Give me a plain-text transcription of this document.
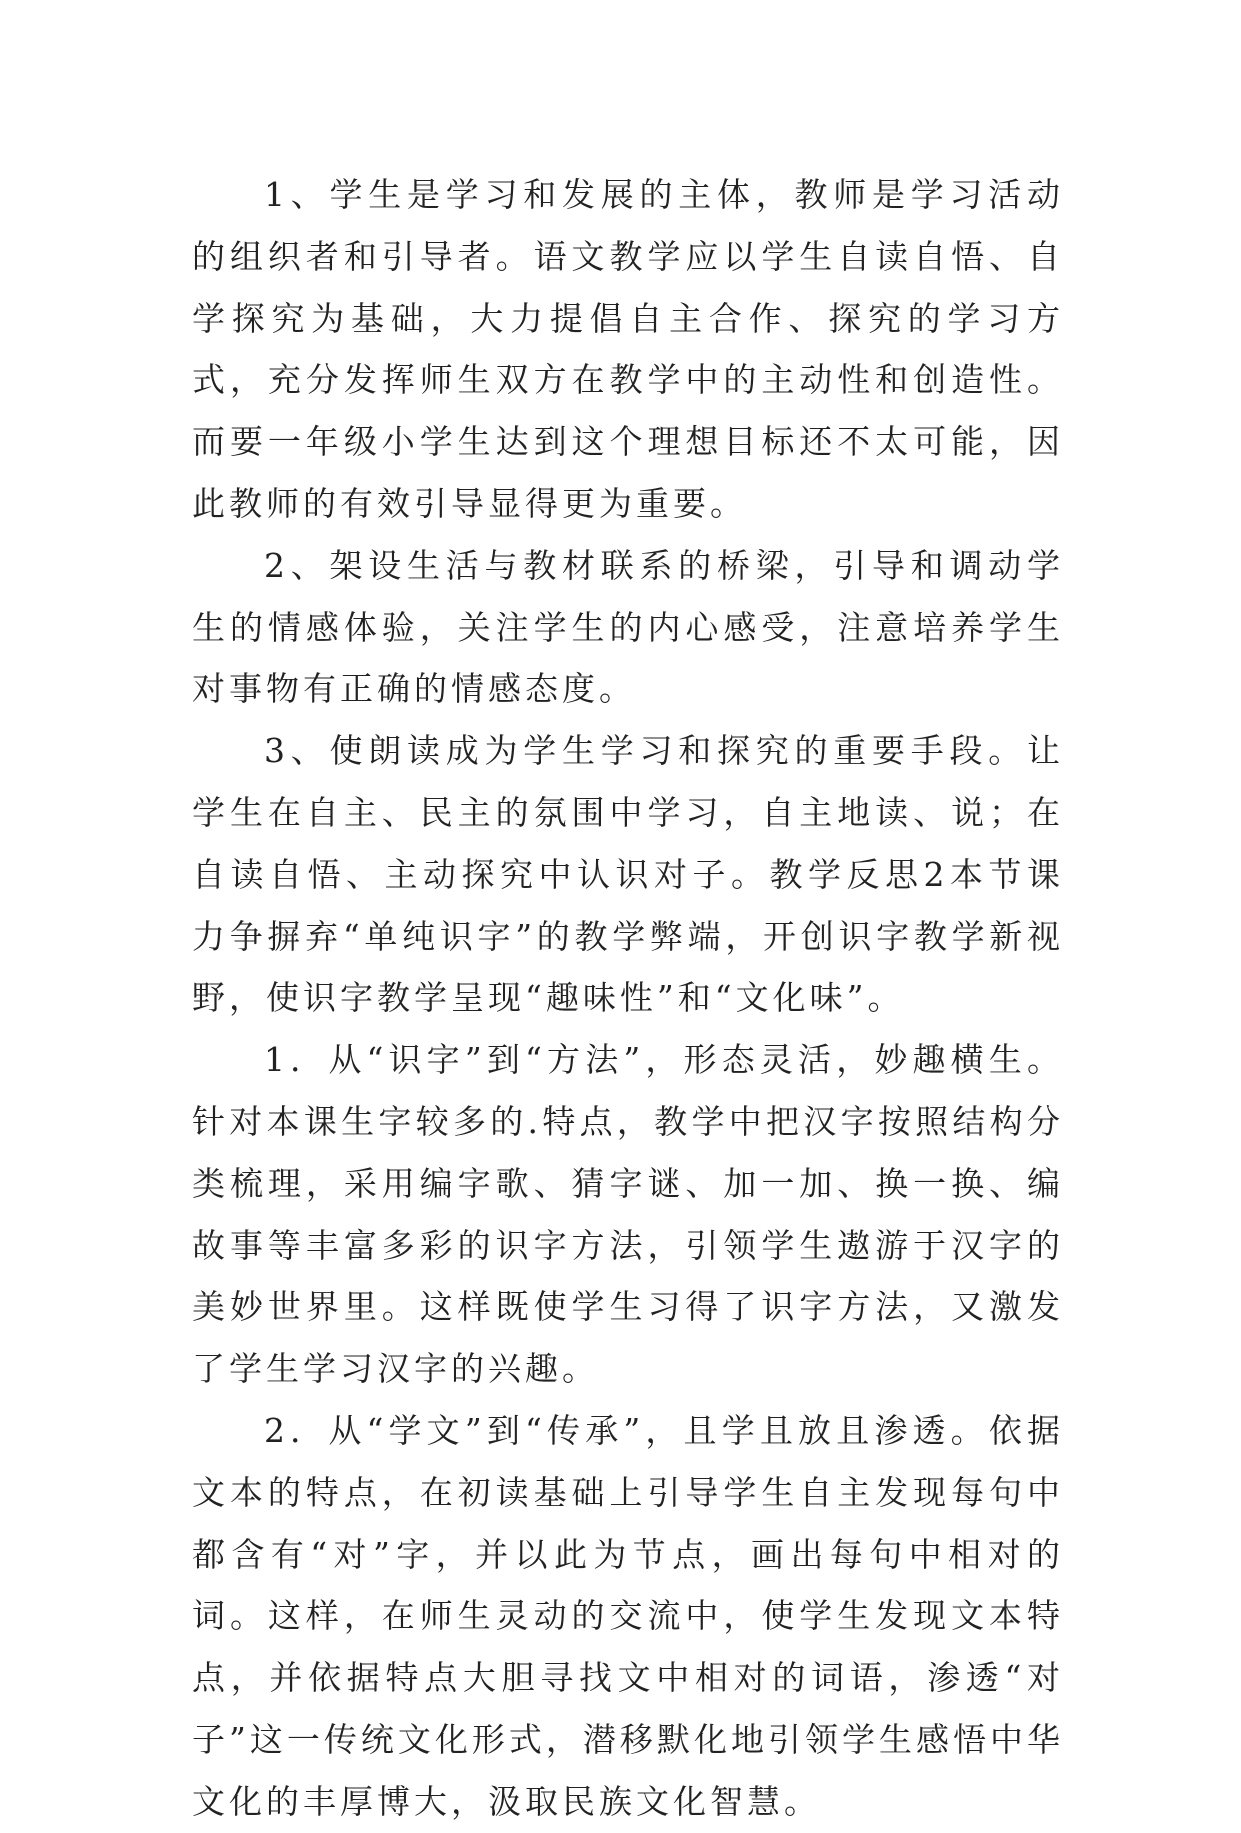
1、学生是学习和发展的主体，教师是学习活动的组织者和引导者。语文教学应以学生自读自悟、自学探究为基础，大力提倡自主合作、探究的学习方式，充分发挥师生双方在教学中的主动性和创造性。而要一年级小学生达到这个理想目标还不太可能，因此教师的有效引导显得更为重要。

2、架设生活与教材联系的桥梁，引导和调动学生的情感体验，关注学生的内心感受，注意培养学生对事物有正确的情感态度。

3、使朗读成为学生学习和探究的重要手段。让学生在自主、民主的氛围中学习，自主地读、说；在自读自悟、主动探究中认识对子。教学反思2本节课力争摒弃“单纯识字”的教学弊端，开创识字教学新视野，使识字教学呈现“趣味性”和“文化味”。

1．从“识字”到“方法”，形态灵活，妙趣横生。针对本课生字较多的.特点，教学中把汉字按照结构分类梳理，采用编字歌、猜字谜、加一加、换一换、编故事等丰富多彩的识字方法，引领学生遨游于汉字的美妙世界里。这样既使学生习得了识字方法，又激发了学生学习汉字的兴趣。

2．从“学文”到“传承”，且学且放且渗透。依据文本的特点，在初读基础上引导学生自主发现每句中都含有“对”字，并以此为节点，画出每句中相对的词。这样，在师生灵动的交流中，使学生发现文本特点，并依据特点大胆寻找文中相对的词语，渗透“对子”这一传统文化形式，潜移默化地引领学生感悟中华文化的丰厚博大，汲取民族文化智慧。
